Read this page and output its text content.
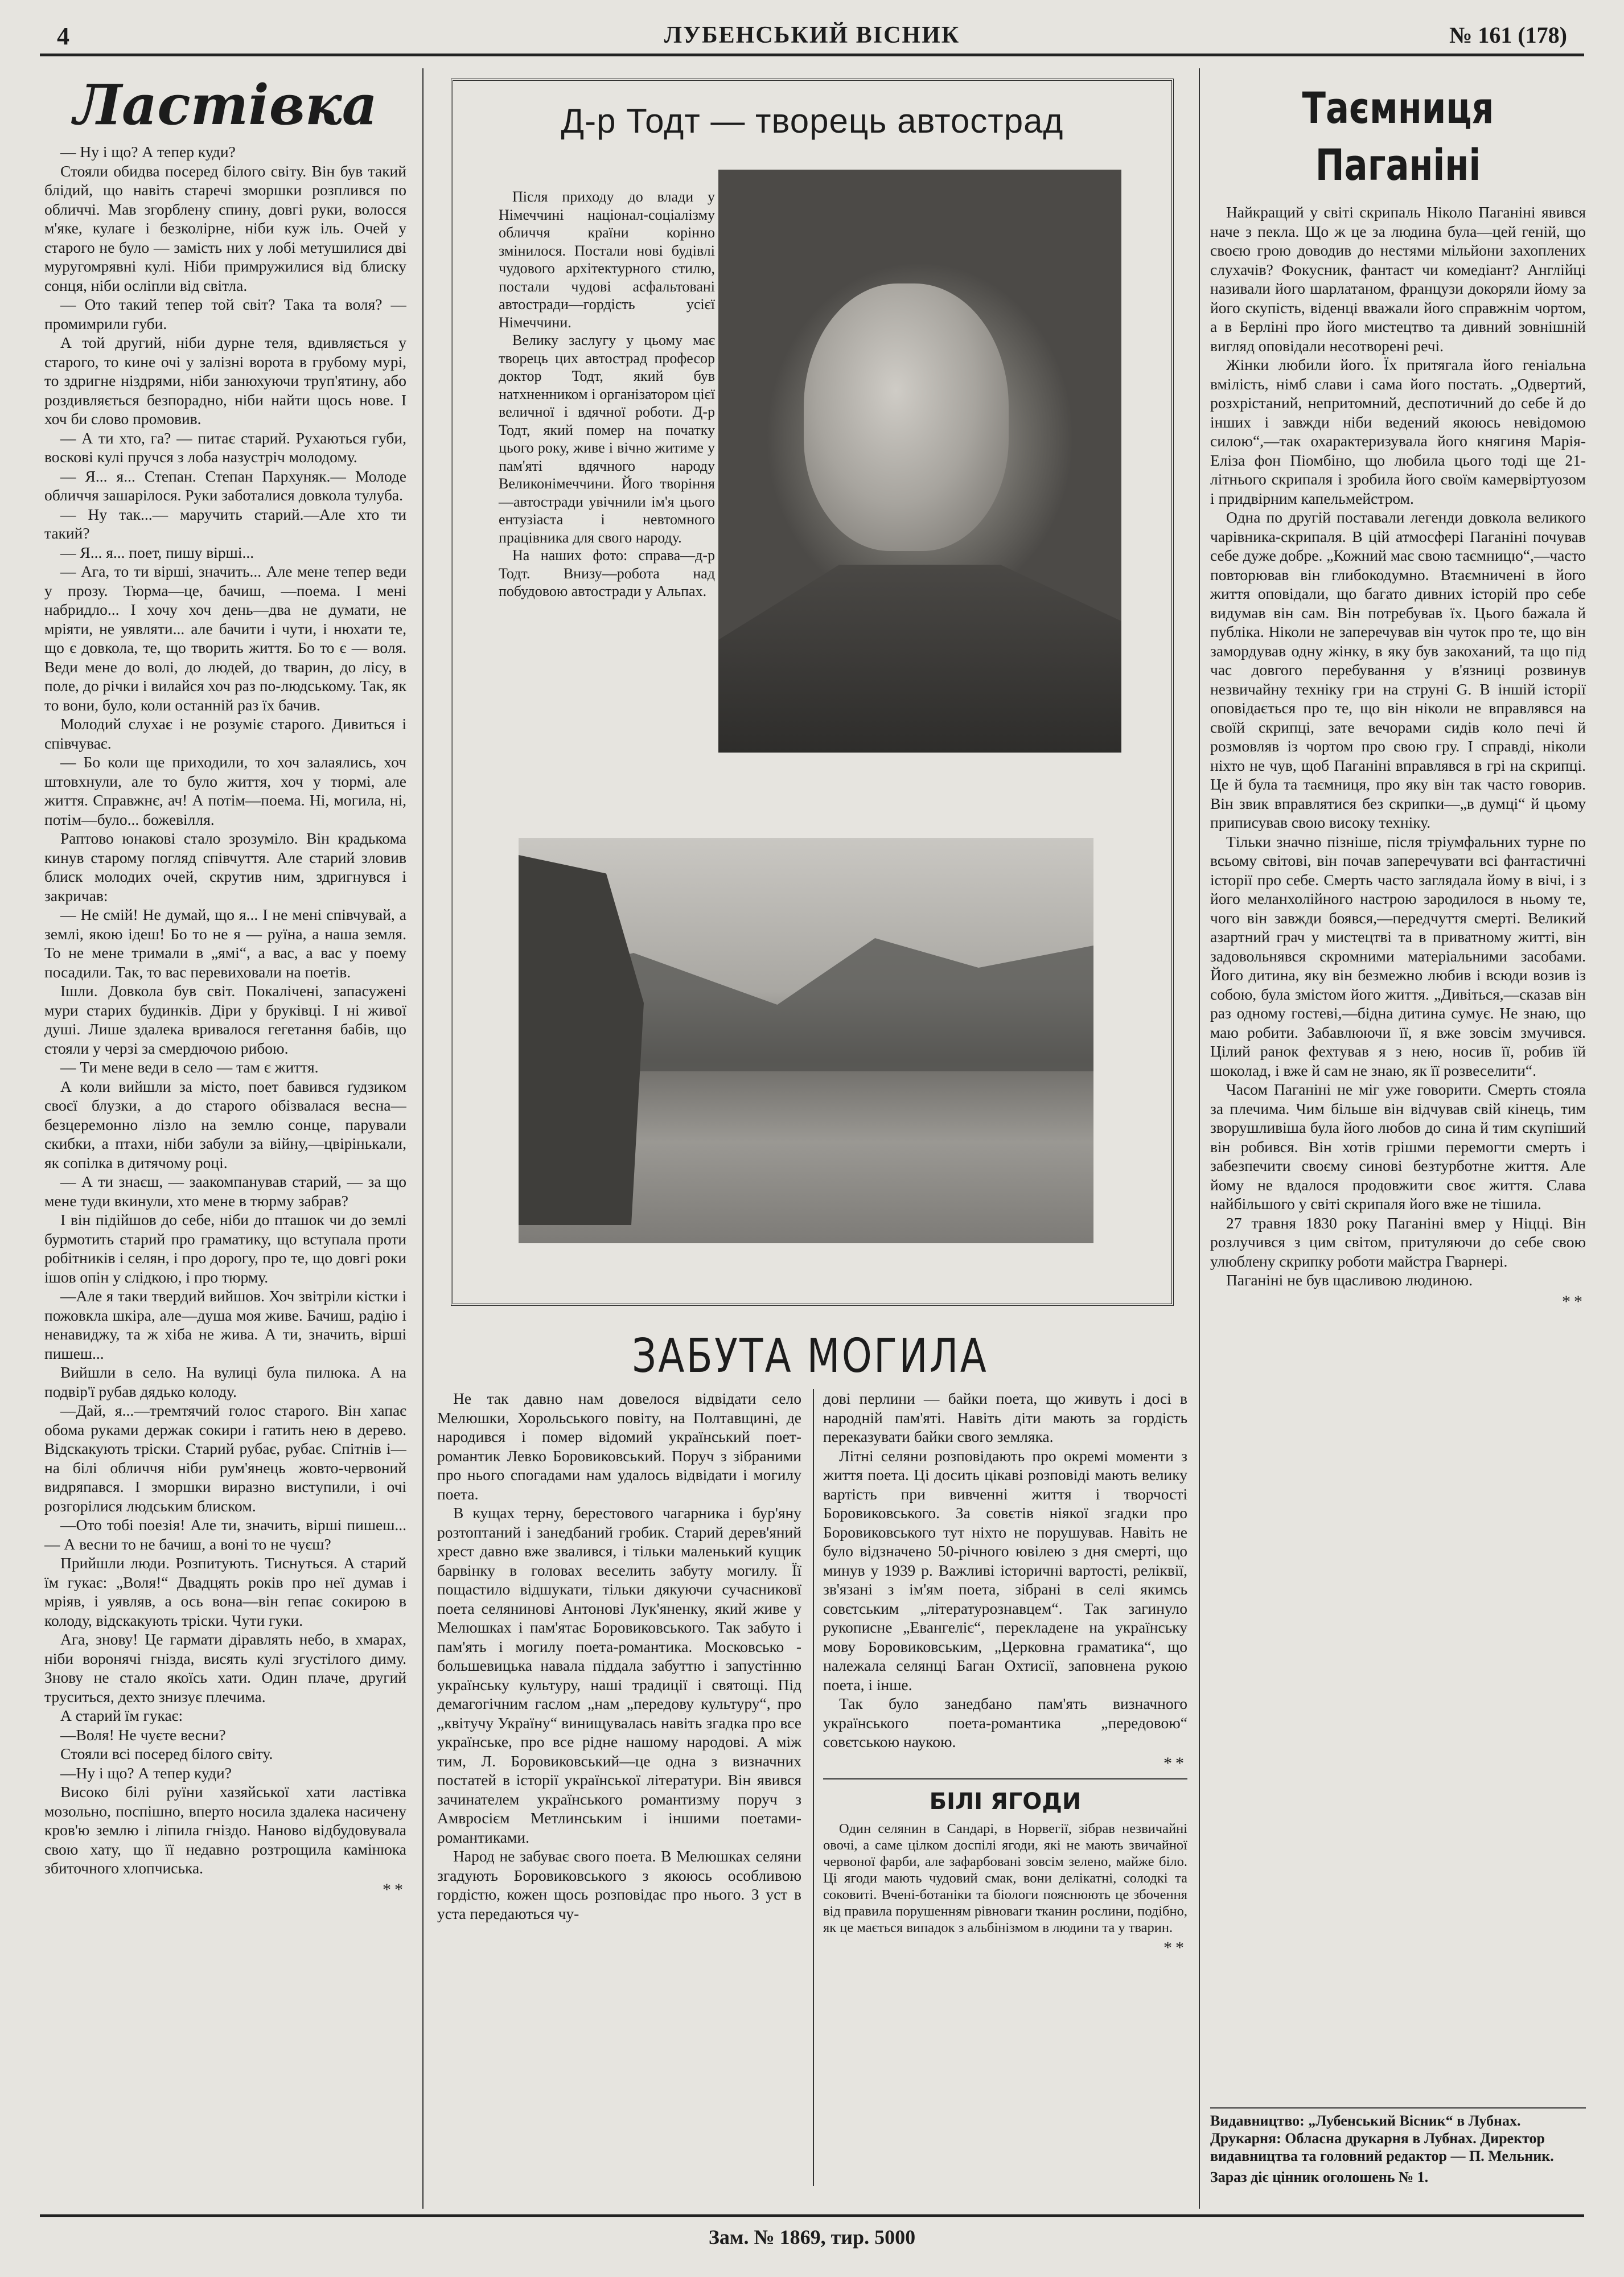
4	ЛУБЕНСЬКИЙ ВІСНИК	№ 161 (178)
Ластівка

— Ну і що? А тепер куди?

Стояли обидва посеред білого світу. Він був такий блідий, що навіть старечі зморшки розплився по обличчі. Мав згорблену спину, довгі руки, волосся м'яке, кулаге і безколірне, ніби куж іль. Очей у старого не було — замість них у лобі метушилися дві муругомрявні кулі. Ніби примружилися від блиску сонця, ніби осліпли від світла.

— Ото такий тепер той світ? Така та воля? — промимрили губи.

А той другий, ніби дурне теля, вдивляється у старого, то кине очі у залізні ворота в грубому мурі, то здригне ніздрями, ніби занюхуючи труп'ятину, або роздивляється безпорадно, ніби найти щось нове. І хоч би слово промовив.

— А ти хто, га? — питає старий. Рухаються губи, воскові кулі пручся з лоба назустріч молодому.

— Я... я... Степан. Степан Пархуняк.— Молоде обличчя зашарілося. Руки заботалися довкола тулуба.

— Ну так...— маручить старий.—Але хто ти такий?

— Я... я... поет, пишу вірші...

— Ага, то ти вірші, значить... Але мене тепер веди у прозу. Тюрма—це, бачиш, —поема. І мені набридло... І хочу хоч день—два не думати, не мріяти, не уявляти... але бачити і чути, і нюхати те, що є довкола, те, що творить життя. Бо то є — воля. Веди мене до волі, до людей, до тварин, до лісу, в поле, до річки і вилайся хоч раз по-людському. Так, як то вони, було, коли останній раз їх бачив.

Молодий слухає і не розуміє старого. Дивиться і співчуває.

— Бо коли ще приходили, то хоч залаялись, хоч штовхнули, але то було життя, хоч у тюрмі, але життя. Справжнє, ач! А потім—поема. Ні, могила, ні, потім—було... божевілля.

Раптово юнакові стало зрозуміло. Він крадькома кинув старому погляд співчуття. Але старий зловив блиск молодих очей, скрутив ним, здригнувся і закричав:

— Не смій! Не думай, що я... І не мені співчувай, а землі, якою ідеш! Бо то не я — руїна, а наша земля. То не мене тримали в „ямі“, а вас, а вас у поему посадили. Так, то вас перевиховали на поетів.

Ішли. Довкола був світ. Покалічені, запасужені мури старих будинків. Діри у бруківці. І ні живої душі. Лише здалека вривалося гегетання бабів, що стояли у черзі за смердючою рибою.

— Ти мене веди в село — там є життя.

А коли вийшли за місто, поет бавився ґудзиком своєї блузки, а до старого обізвалася весна—безцеремонно лізло на землю сонце, парували скибки, а птахи, ніби забули за війну,—цвірінькали, як сопілка в дитячому році.

— А ти знаєш, — заакомпанував старий, — за що мене туди вкинули, хто мене в тюрму забрав?

І він підійшов до себе, ніби до пташок чи до землі бурмотить старий про граматику, що вступала проти робітників і селян, і про дорогу, про те, що довгі роки ішов опін у слідкою, і про тюрму.

—Але я таки твердий вийшов. Хоч звітріли кістки і пожовкла шкіра, але—душа моя живе. Бачиш, радію і ненавиджу, та ж хіба не жива. А ти, значить, вірші пишеш...

Вийшли в село. На вулиці була пилюка. А на подвір'ї рубав дядько колоду.

—Дай, я...—тремтячий голос старого. Він хапає обома руками держак сокири і гатить нею в дерево. Відскакують тріски. Старий рубає, рубає. Спітнів і—на білі обличчя ніби рум'янець жовто-червоний видряпався. І зморшки виразно виступили, і очі розгорілися людським блиском.

—Ото тобі поезія! Але ти, значить, вірші пишеш...— А весни то не бачиш, а воні то не чуєш?

Прийшли люди. Розпитують. Тиснуться. А старий їм гукає: „Воля!“ Двадцять років про неї думав і мріяв, і уявляв, а ось вона—він гепає сокирою в колоду, відскакують тріски. Чути гуки.

Ага, знову! Це гармати діравлять небо, в хмарах, ніби воронячі гнізда, висять кулі згустілого диму. Знову не стало якоїсь хати. Один плаче, другий труситься, дехто знизує плечима.

А старий їм гукає:

—Воля! Не чуєте весни?

Стояли всі посеред білого світу.

—Ну і що? А тепер куди?

Високо білі руїни хазяйської хати ластівка мозольно, поспішно, вперто носила здалека насичену кров'ю землю і ліпила гніздо. Наново відбудовувала свою хату, що її недавно розтрощила камінюка збиточного хлопчиська.

**
Д-р Тодт — творець автострад

Після приходу до влади у Німеччині націонал-соціалізму обличчя країни корінно змінилося. Постали нові будівлі чудового архітектурного стилю, постали чудові асфальтовані автостради—гордість усієї Німеччини.

Велику заслугу у цьому має творець цих автострад професор доктор Тодт, який був натхненником і організатором цієї величної і вдячної роботи. Д-р Тодт, який помер на початку цього року, живе і вічно житиме у пам'яті вдячного народу Великонімеччини. Його творіння—автостради увічнили ім'я цього ентузіаста і невтомного працівника для свого народу.

На наших фото: справа—д-р Тодт. Внизу—робота над побудовою автостради у Альпах.

ЗАБУТА МОГИЛА

Не так давно нам довелося відвідати село Мелюшки, Хорольського повіту, на Полтавщині, де народився і помер відомий український поет-романтик Левко Боровиковський. Поруч з зібраними про нього спогадами нам удалось відвідати і могилу поета.

В кущах терну, берестового чагарника і бур'яну розтоптаний і занедбаний гробик. Старий дерев'яний хрест давно вже звалився, і тільки маленький кущик барвінку в головах веселить забуту могилу. Її пощастило відшукати, тільки дякуючи сучасниковї поета селянинові Антонові Лук'яненку, який живе у Мелюшках і пам'ятає Боровиковського. Так забуто і пам'ять і могилу поета-романтика. Московсько - большевицька навала піддала забуттю і запустінню українську культуру, наші традиції і святощі. Під демагогічним гаслом „нам „передову культуру“, про „квітучу Україну“ винищувалась навіть згадка про все українське, про все рідне нашому народові. А між тим, Л. Боровиковський—це одна з визначних постатей в історії української літератури. Він явився зачинателем українського романтизму поруч з Амвросієм Метлинським і іншими поетами-романтиками.

Народ не забуває свого поета. В Мелюшках селяни згадують Боровиковського з якоюсь особливою гордістю, кожен щось розповідає про нього. З уст в уста передаються чу-

дові перлини — байки поета, що живуть і досі в народній пам'яті. Навіть діти мають за гордість переказувати байки свого земляка.

Літні селяни розповідають про окремі моменти з життя поета. Ці досить цікаві розповіді мають велику вартість при вивченні життя і творчості Боровиковського. За совєтів ніякої згадки про Боровиковського тут ніхто не порушував. Навіть не було відзначено 50-річного ювілею з дня смерті, що минув у 1939 р. Важливі історичні вартості, реліквії, зв'язані з ім'ям поета, зібрані в селі якимсь совєтським „літературознавцем“. Так загинуло рукописне „Евангеліє“, перекладене на українську мову Боровиковським, „Церковна граматика“, що належала селянці Баган Охтисії, заповнена рукою поета, і інше.

Так було занедбано пам'ять визначного українського поета-романтика „передовою“ совєтською наукою.

**
БІЛІ ЯГОДИ

Один селянин в Сандарі, в Норвегії, зібрав незвичайні овочі, а саме цілком доспілі ягоди, які не мають звичайної червоної фарби, але зафарбовані зовсім зелено, майже біло. Ці ягоди мають чудовий смак, вони делікатні, солодкі та соковиті. Вчені-ботаніки та біологи пояснюють це збочення від правила порушенням рівноваги тканин рослини, подібно, як це мається випадок з альбінізмом в людини та у тварин.

**
Таємниця Паганіні

Найкращий у світі скрипаль Ніколо Паганіні явився наче з пекла. Що ж це за людина була—цей геній, що своєю грою доводив до нестями мільйони захоплених слухачів? Фокусник, фантаст чи комедіант? Англійці називали його шарлатаном, французи докоряли йому за його скупість, віденці вважали його справжнім чортом, а в Берліні про його мистецтво та дивний зовнішній вигляд оповідали несотворені речі.

Жінки любили його. Їх притягала його геніальна вмілість, німб слави і сама його постать. „Одвертий, розхрістаний, непритомний, деспотичний до себе й до інших і завжди ніби ведений якоюсь невідомою силою“,—так охарактеризувала його княгиня Марія-Еліза фон Піомбіно, що любила цього тоді ще 21-літнього скрипаля і зробила його своїм камервіртуозом і придвірним капельмейстром.

Одна по другій поставали легенди довкола великого чарівника-скрипаля. В цій атмосфері Паганіні почував себе дуже добре. „Кожний має свою таємницю“,—часто повторював він глибокодумно. Втаємничені в його життя оповідали, що багато дивних історій про себе видумав він сам. Він потребував їх. Цього бажала й публіка. Ніколи не заперечував він чуток про те, що він замордував одну жінку, в яку був закоханий, та що під час довгого перебування у в'язниці розвинув незвичайну техніку гри на струні G. В іншій історії оповідається про те, що він ніколи не вправлявся на своїй скрипці, зате вечорами сидів коло печі й розмовляв із чортом про свою гру. І справді, ніколи ніхто не чув, щоб Паганіні вправлявся в грі на скрипці. Це й була та таємниця, про яку він так часто говорив. Він звик вправлятися без скрипки—„в думці“ й цьому приписував свою високу техніку.

Тільки значно пізніше, після тріумфальних турне по всьому світові, він почав заперечувати всі фантастичні історії про себе. Смерть часто заглядала йому в вічі, і з його меланхолійного настрою зародилося в ньому те, чого він завжди боявся,—передчуття смерті. Великий азартний грач у мистецтві та в приватному житті, він задовольнявся скромними матеріальними засобами. Його дитина, яку він безмежно любив і всюди возив із собою, була змістом його життя. „Дивіться,—сказав він раз одному гостеві,—бідна дитина сумує. Не знаю, що маю робити. Забавлюючи її, я вже зовсім змучився. Цілий ранок фехтував я з нею, носив її, робив їй шоколад, і вже й сам не знаю, як її розвеселити“.

Часом Паганіні не міг уже говорити. Смерть стояла за плечима. Чим більше він відчував свій кінець, тим зворушливіша була його любов до сина й тим скупіший він робився. Він хотів грішми перемогти смерть і забезпечити своєму синові безтурботне життя. Але йому не вдалося продовжити своє життя. Слава найбільшого у світі скрипаля його вже не тішила.

27 травня 1830 року Паганіні вмер у Ніцці. Він розлучився з цим світом, притуляючи до себе свою улюблену скрипку роботи майстра Гварнері.

Паганіні не був щасливою людиною.

**
Видавництво: „Лубенський Вісник“ в Лубнах. Друкарня: Обласна друкарня в Лубнах. Директор видавництва та головний редактор — П. Мельник.
Зараз діє цінник оголошень № 1.
Зам. № 1869, тир. 5000
